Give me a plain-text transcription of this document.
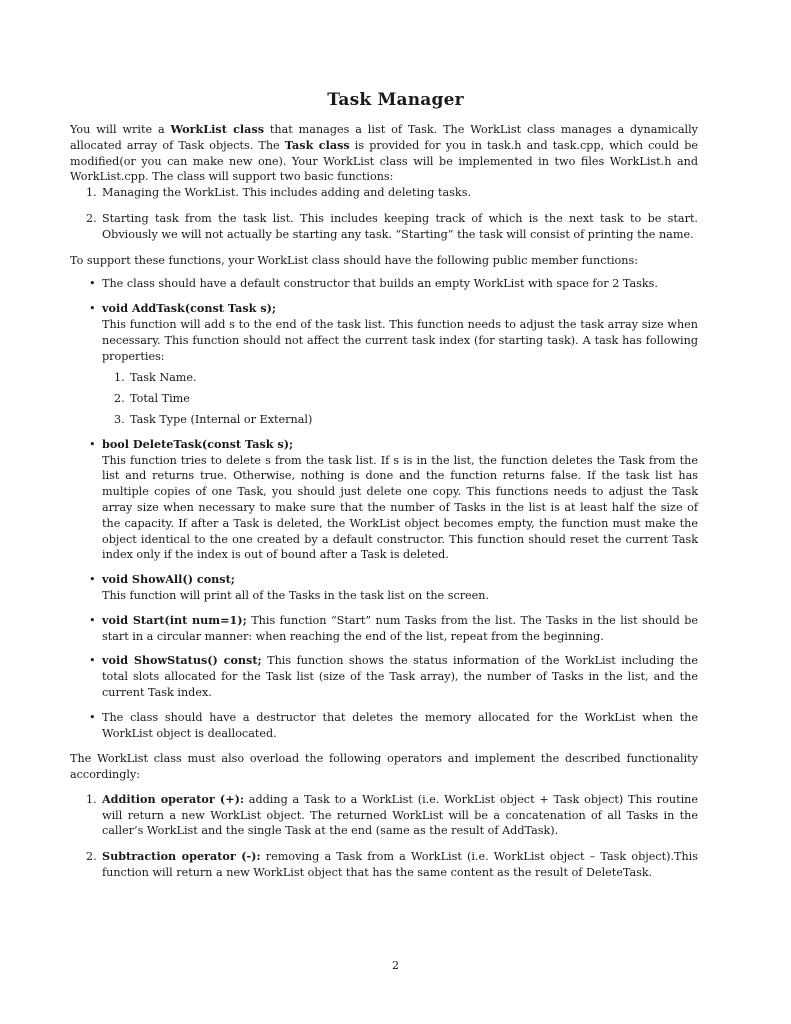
Task Manager

You will write a WorkList class that manages a list of Task. The WorkList class manages a dynamically allocated array of Task objects. The Task class is provided for you in task.h and task.cpp, which could be modified(or you can make new one). Your WorkList class will be implemented in two files WorkList.h and WorkList.cpp. The class will support two basic functions:

1. Managing the WorkList. This includes adding and deleting tasks.
2. Starting task from the task list. This includes keeping track of which is the next task to be start. Obviously we will not actually be starting any task. “Starting” the task will consist of printing the name.

To support these functions, your WorkList class should have the following public member functions:

• The class should have a default constructor that builds an empty WorkList with space for 2 Tasks.
• void AddTask(const Task s);
This function will add s to the end of the task list. This function needs to adjust the task array size when necessary. This function should not affect the current task index (for starting task). A task has following properties:
1. Task Name.
2. Total Time
3. Task Type (Internal or External)
• bool DeleteTask(const Task s);
This function tries to delete s from the task list. If s is in the list, the function deletes the Task from the list and returns true. Otherwise, nothing is done and the function returns false. If the task list has multiple copies of one Task, you should just delete one copy. This functions needs to adjust the Task array size when necessary to make sure that the number of Tasks in the list is at least half the size of the capacity. If after a Task is deleted, the WorkList object becomes empty, the function must make the object identical to the one created by a default constructor. This function should reset the current Task index only if the index is out of bound after a Task is deleted.
• void ShowAll() const;
This function will print all of the Tasks in the task list on the screen.
• void Start(int num=1); This function “Start” num Tasks from the list. The Tasks in the list should be start in a circular manner: when reaching the end of the list, repeat from the beginning.
• void ShowStatus() const; This function shows the status information of the WorkList including the total slots allocated for the Task list (size of the Task array), the number of Tasks in the list, and the current Task index.
• The class should have a destructor that deletes the memory allocated for the WorkList when the WorkList object is deallocated.

The WorkList class must also overload the following operators and implement the described functionality accordingly:

1. Addition operator (+): adding a Task to a WorkList (i.e. WorkList object + Task object) This routine will return a new WorkList object. The returned WorkList will be a concatenation of all Tasks in the caller’s WorkList and the single Task at the end (same as the result of AddTask).
2. Subtraction operator (-): removing a Task from a WorkList (i.e. WorkList object – Task object).This function will return a new WorkList object that has the same content as the result of DeleteTask.
2
